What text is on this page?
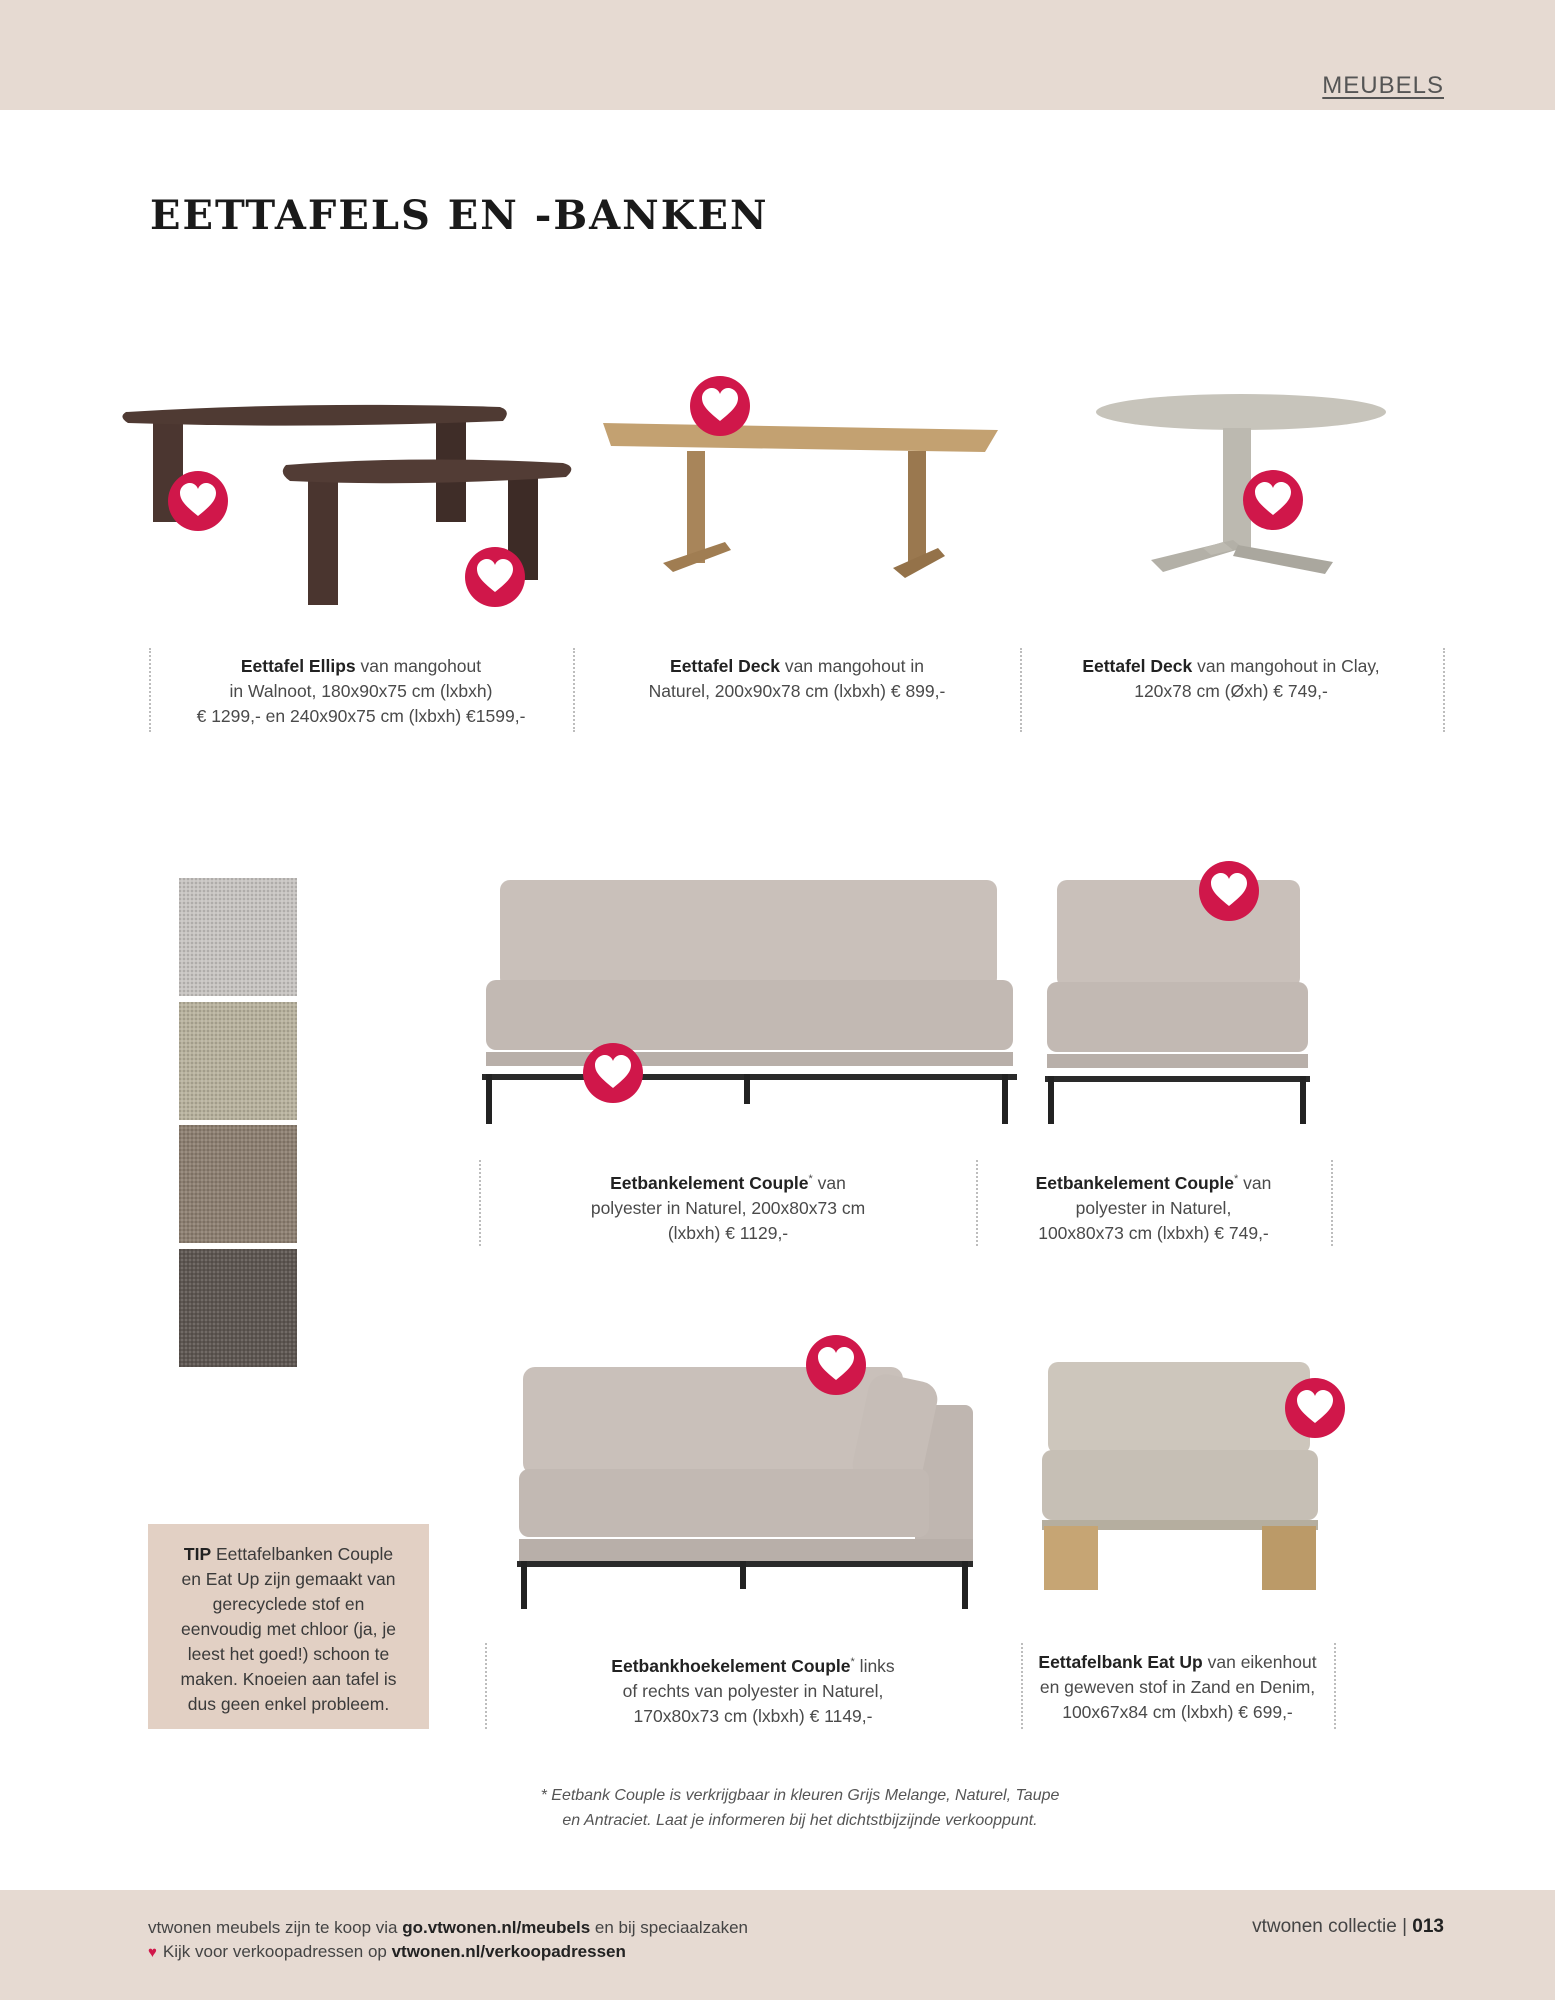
MEUBELS
EETTAFELS EN -BANKEN
Eettafel Ellips van mangohout
in Walnoot, 180x90x75 cm (lxbxh)
€ 1299,- en 240x90x75 cm (lxbxh) €1599,-
Eettafel Deck van mangohout in
Naturel, 200x90x78 cm (lxbxh) € 899,-
Eettafel Deck van mangohout in Clay,
120x78 cm (Øxh) € 749,-
Eetbankelement Couple* van
polyester in Naturel, 200x80x73 cm
(lxbxh) € 1129,-
Eetbankelement Couple* van
polyester in Naturel,
100x80x73 cm (lxbxh) € 749,-
TIP Eettafelbanken Couple en Eat Up zijn gemaakt van gerecyclede stof en eenvoudig met chloor (ja, je leest het goed!) schoon te maken. Knoeien aan tafel is dus geen enkel probleem.
Eetbankhoekelement Couple* links
of rechts van polyester in Naturel,
170x80x73 cm (lxbxh) € 1149,-
Eettafelbank Eat Up van eikenhout
en geweven stof in Zand en Denim,
100x67x84 cm (lxbxh) € 699,-
* Eetbank Couple is verkrijgbaar in kleuren Grijs Melange, Naturel, Taupe
en Antraciet. Laat je informeren bij het dichtstbijzijnde verkooppunt.
vtwonen meubels zijn te koop via go.vtwonen.nl/meubels en bij speciaalzaken
♥ Kijk voor verkoopadressen op vtwonen.nl/verkoopadressen
vtwonen collectie | 013
